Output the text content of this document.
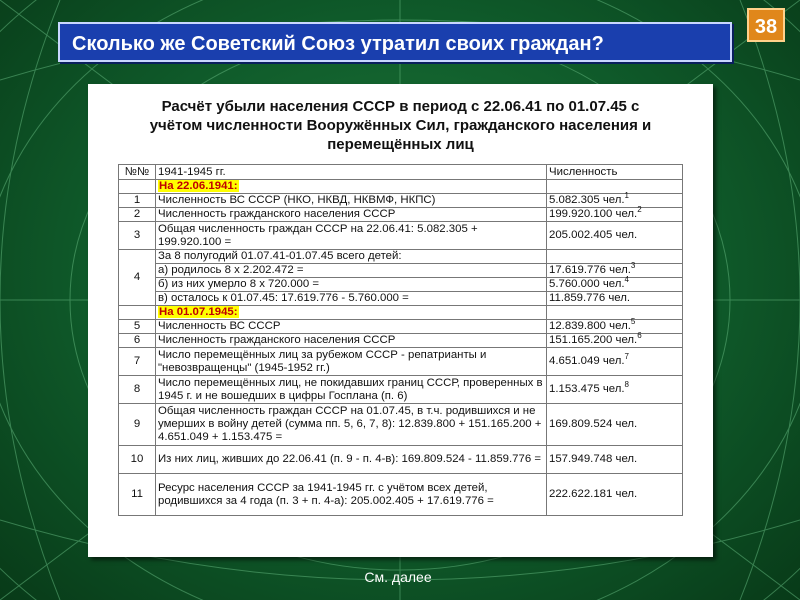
38
Сколько же Советский Союз утратил своих граждан?
Расчёт убыли населения СССР в период с 22.06.41 по 01.07.45 с
учётом численности Вооружённых Сил, гражданского населения и
перемещённых лиц
№№	1941-1945 гг.	Численность
	На 22.06.1941:	
1	Численность ВС СССР (НКО, НКВД, НКВМФ, НКПС)	5.082.305 чел.$^1$
2	Численность гражданского населения СССР	199.920.100 чел.$^2$
3	Общая численность граждан СССР на 22.06.41: 5.082.305 + 199.920.100 =	205.002.405 чел.
4	За 8 полугодий 01.07.41-01.07.45 всего детей:	
	а) родилось 8 х 2.202.472 =	17.619.776 чел.$^3$
	б) из них умерло 8 х 720.000 =	5.760.000 чел.$^4$
	в) осталось к 01.07.45: 17.619.776 - 5.760.000 =	11.859.776 чел.
	На 01.07.1945:	
5	Численность ВС СССР	12.839.800 чел.$^5$
6	Численность гражданского населения СССР	151.165.200 чел.$^6$
7	Число перемещённых лиц за рубежом СССР - репатрианты и "невозвращенцы" (1945-1952 гг.)	4.651.049 чел.$^7$
8	Число перемещённых лиц, не покидавших границ СССР, проверенных в 1945 г. и не вошедших в цифры Госплана (п. 6)	1.153.475 чел.$^8$
9	Общая численность граждан СССР на 01.07.45, в т.ч. родившихся и не умерших в войну детей (сумма пп. 5, 6, 7, 8): 12.839.800 + 151.165.200 + 4.651.049 + 1.153.475 =	169.809.524 чел.
10	Из них лиц, живших до 22.06.41 (п. 9 - п. 4-в): 169.809.524 - 11.859.776 =	157.949.748 чел.
11	Ресурс населения СССР за 1941-1945 гг. с учётом всех детей, родившихся за 4 года (п. 3 + п. 4-а): 205.002.405 + 17.619.776 =	222.622.181 чел.
См. далее
